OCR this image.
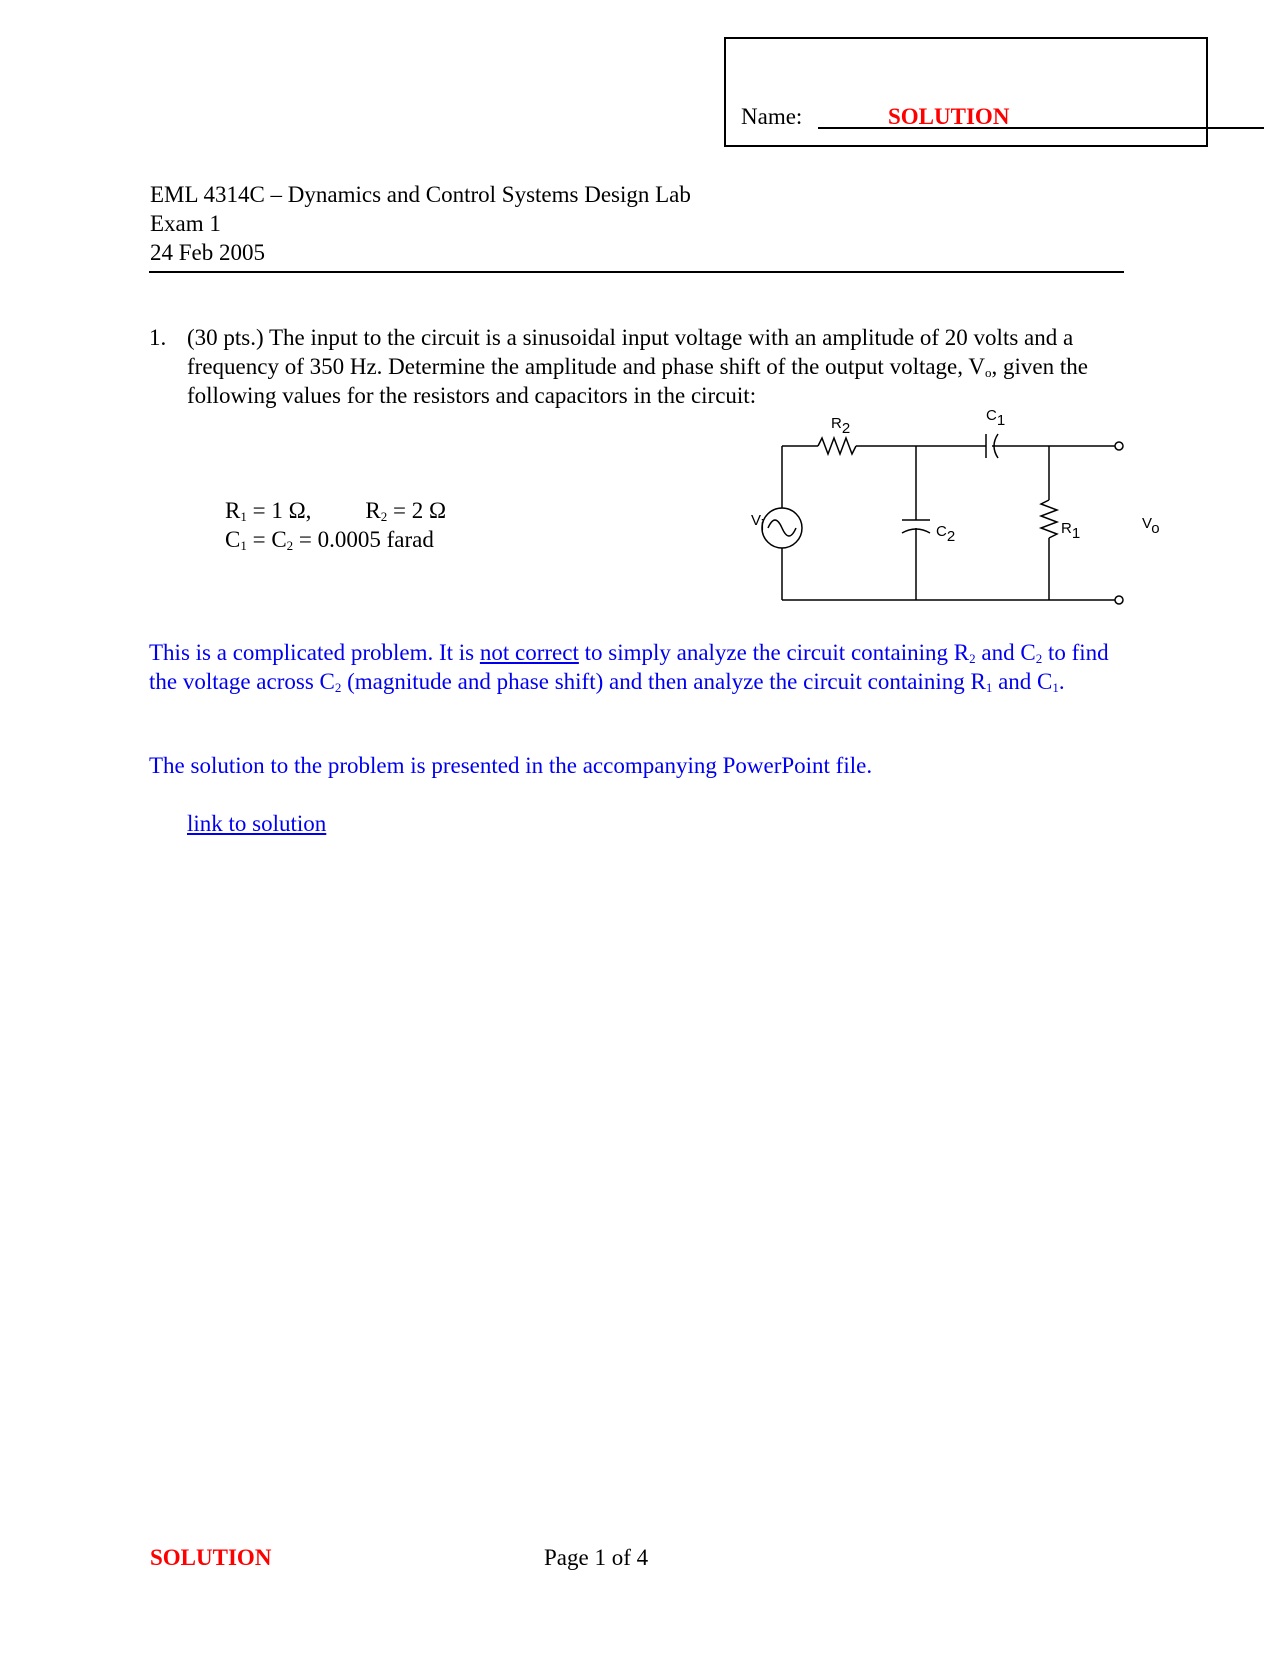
Name:	SOLUTION
EML 4314C – Dynamics and Control Systems Design Lab
Exam 1
24 Feb 2005
1. (30 pts.) The input to the circuit is a sinusoidal input voltage with an amplitude of 20 volts and a frequency of 350 Hz. Determine the amplitude and phase shift of the output voltage, $V_o$, given the following values for the resistors and capacitors in the circuit:
$R_1 = 1$ Ω, $R_2 = 2$ Ω
$C_1 = C_2 = 0.0005$ farad
R2
C1
C2	R1
Vi	Vo
This is a complicated problem. It is not correct to simply analyze the circuit containing $R_2$ and $C_2$ to find the voltage across $C_2$ (magnitude and phase shift) and then analyze the circuit containing $R_1$ and $C_1$.
The solution to the problem is presented in the accompanying PowerPoint file.
link to solution
SOLUTION	Page 1 of 4
